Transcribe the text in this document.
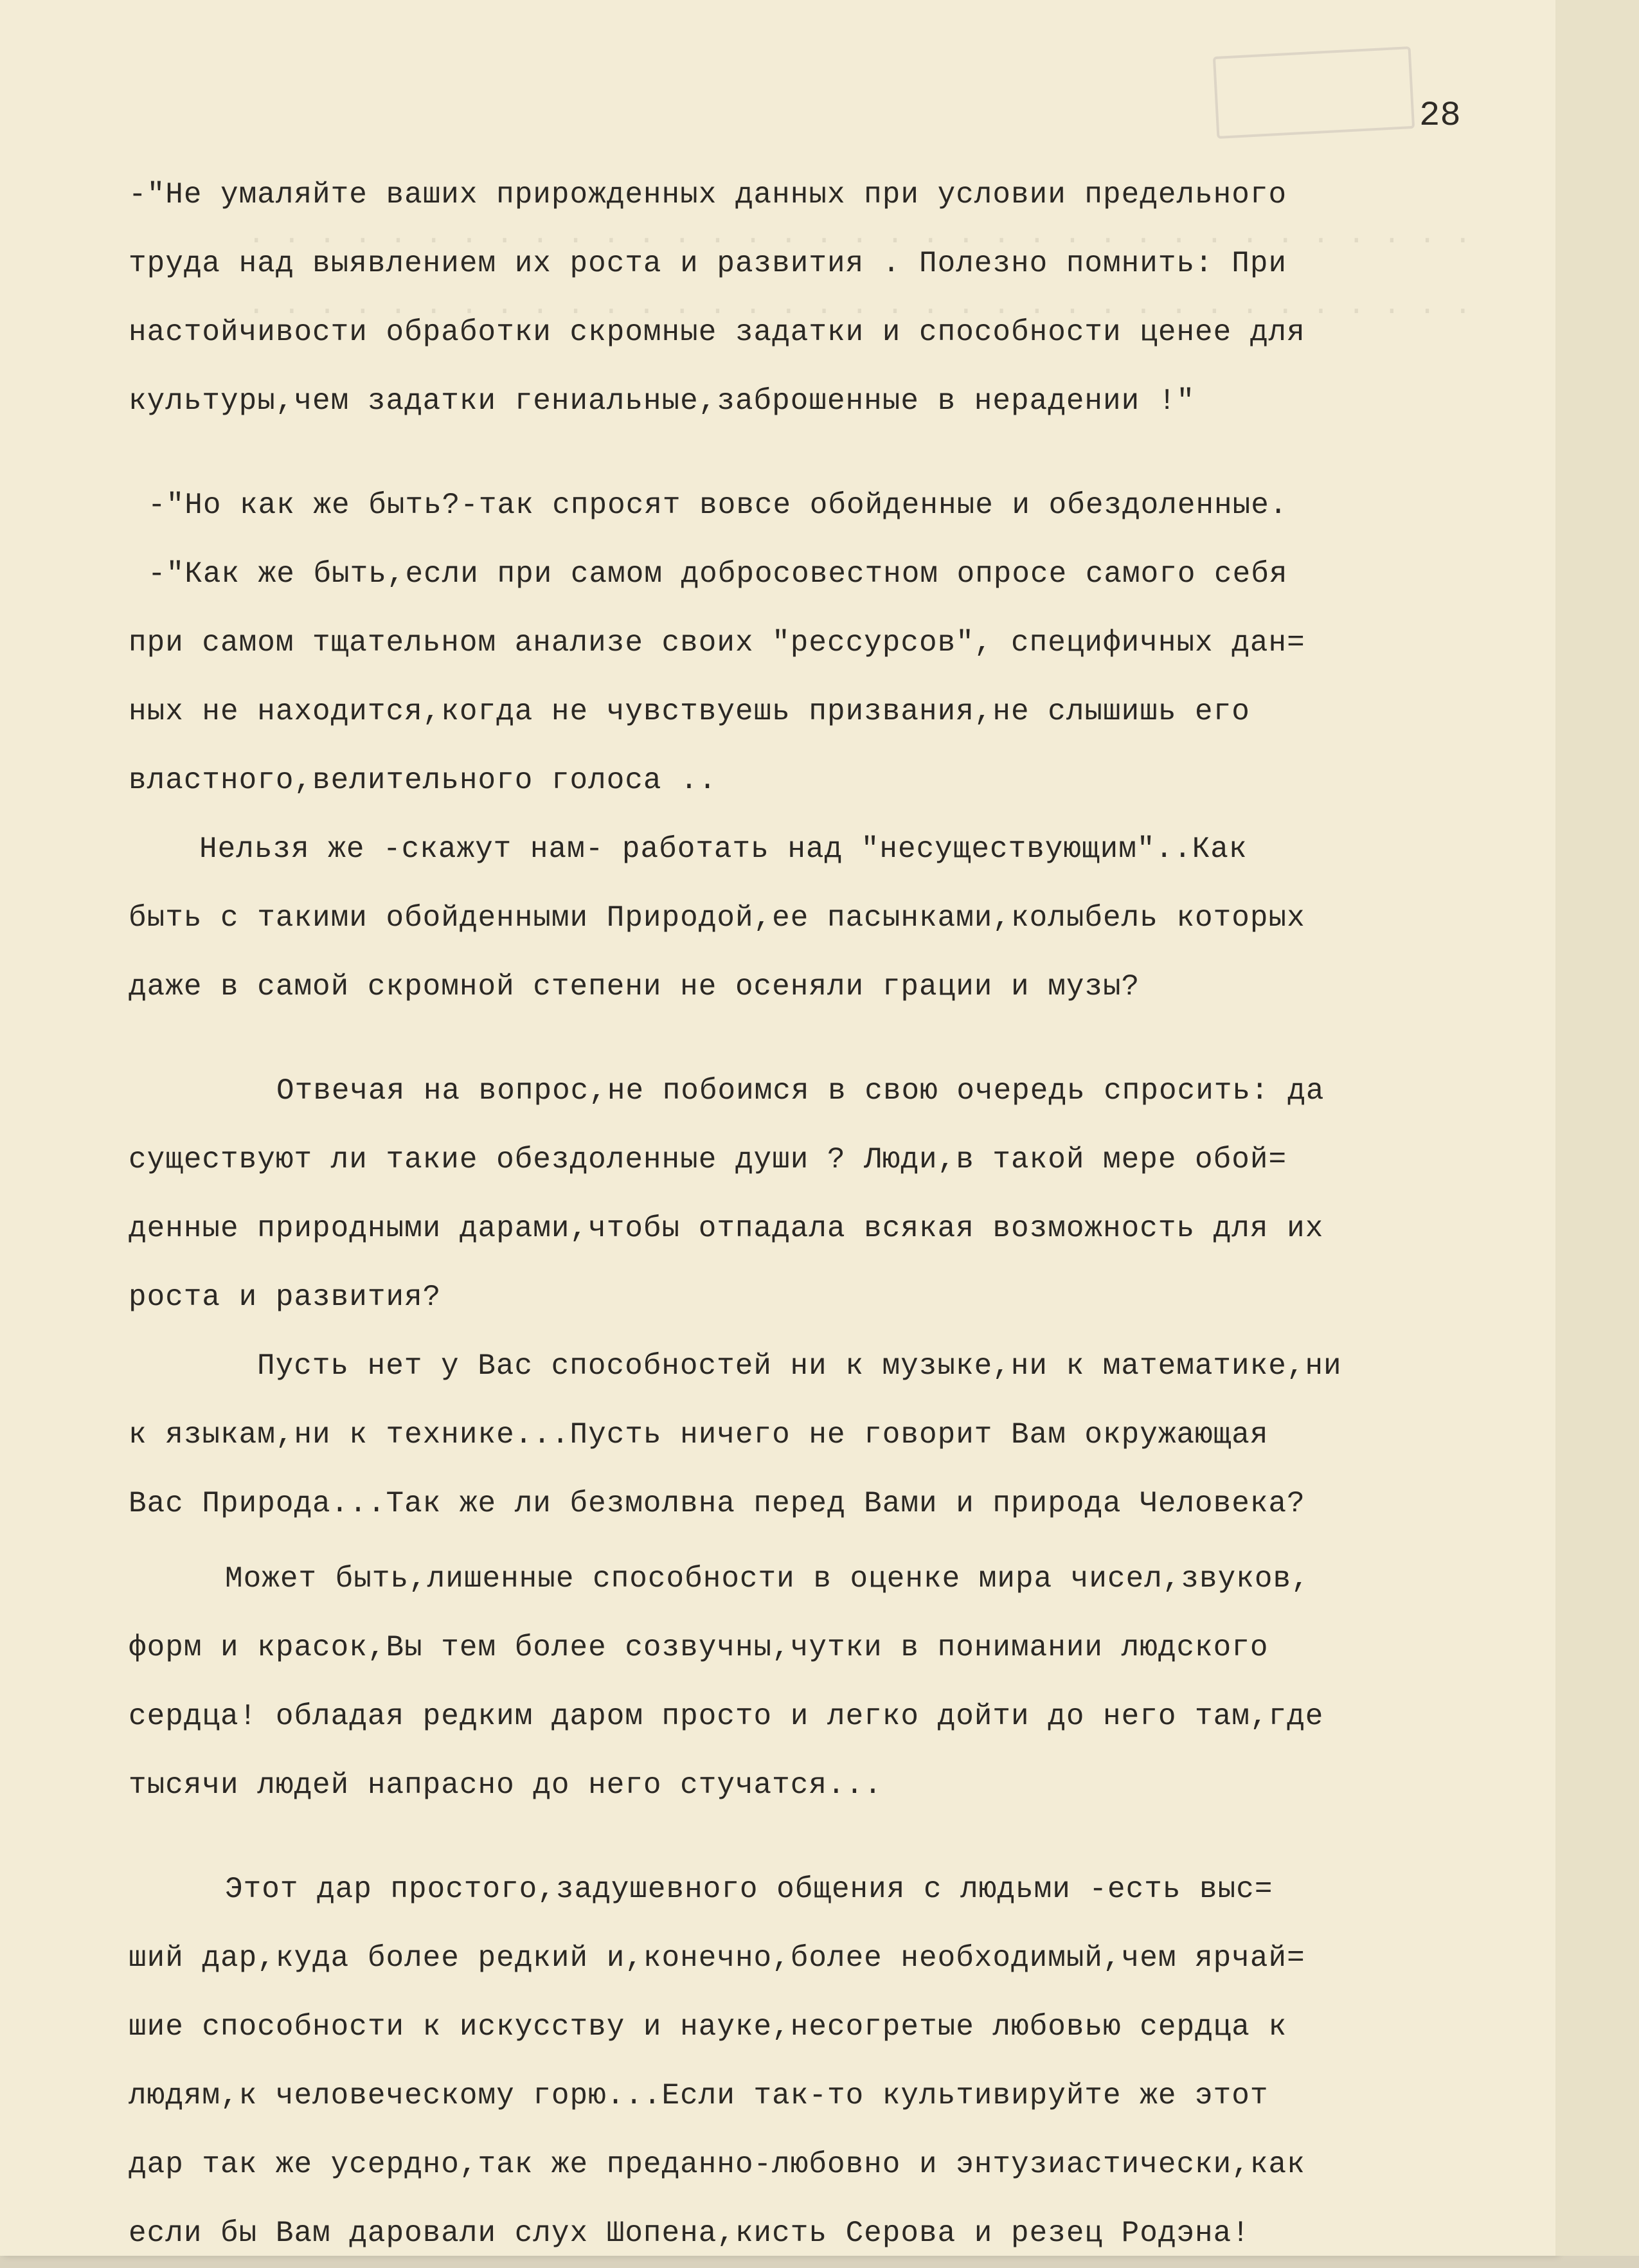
. . . . . . . . . . . . . . . . . . . . . . . . . . . . . . . . . . .
. . . . . . . . . . . . . . . . . . . . . . . . . . . . . . . . . . .

28

-"Не умаляйте ваших прирожденных данных при условии предельного

труда над выявлением их роста и развития . Полезно помнить: При

настойчивости обработки скромные задатки и способности ценее для

культуры,чем задатки гениальные,заброшенные в нерадении !"

-"Но как же быть?-так спросят вовсе обойденные и обездоленные.

-"Как же быть,если при самом добросовестном опросе самого себя

при самом тщательном анализе своих "рессурсов", специфичных дан=

ных не находится,когда не чувствуешь призвания,не слышишь его

властного,велительного голоса ..

Нельзя же -скажут нам- работать над "несуществующим"..Как

быть с такими обойденными Природой,ее пасынками,колыбель которых

даже в самой скромной степени не осеняли грации и музы?

Отвечая на вопрос,не побоимся в свою очередь спросить: да

существуют ли такие обездоленные души ? Люди,в такой мере обой=

денные природными дарами,чтобы отпадала всякая возможность для их

роста и развития?

Пусть нет у Вас способностей ни к музыке,ни к математике,ни

к языкам,ни к технике...Пусть ничего не говорит Вам окружающая

Вас Природа...Так же ли безмолвна перед Вами и природа Человека?

Может быть,лишенные способности в оценке мира чисел,звуков,

форм и красок,Вы тем более созвучны,чутки в понимании людского

сердца! обладая редким даром просто и легко дойти до него там,где

тысячи людей напрасно до него стучатся...

Этот дар простого,задушевного общения с людьми -есть выс=

ший дар,куда более редкий и,конечно,более необходимый,чем ярчай=

шие способности к искусству и науке,несогретые любовью сердца к

людям,к человеческому горю...Если так-то культивируйте же этот

дар так же усердно,так же преданно-любовно и энтузиастически,как

если бы Вам даровали слух Шопена,кисть Серова и резец Родэна!
